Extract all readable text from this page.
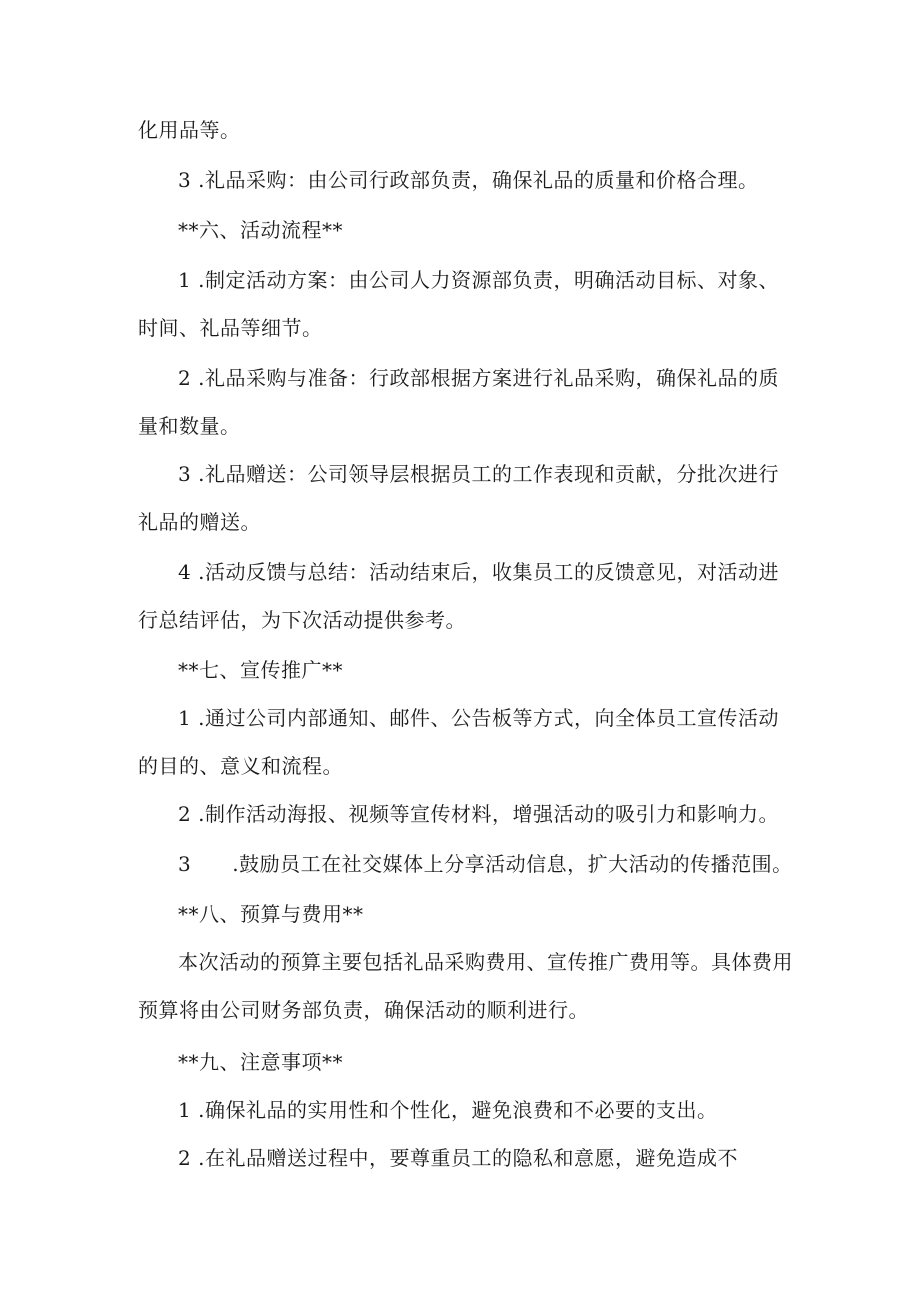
化用品等。
3 .礼品采购：由公司行政部负责，确保礼品的质量和价格合理。
**六、活动流程**
1 .制定活动方案：由公司人力资源部负责，明确活动目标、对象、
时间、礼品等细节。
2 .礼品采购与准备：行政部根据方案进行礼品采购，确保礼品的质
量和数量。
3 .礼品赠送：公司领导层根据员工的工作表现和贡献，分批次进行
礼品的赠送。
4 .活动反馈与总结：活动结束后，收集员工的反馈意见，对活动进
行总结评估，为下次活动提供参考。
**七、宣传推广**
1 .通过公司内部通知、邮件、公告板等方式，向全体员工宣传活动
的目的、意义和流程。
2 .制作活动海报、视频等宣传材料，增强活动的吸引力和影响力。
3　　.鼓励员工在社交媒体上分享活动信息，扩大活动的传播范围。
**八、预算与费用**
本次活动的预算主要包括礼品采购费用、宣传推广费用等。具体费用
预算将由公司财务部负责，确保活动的顺利进行。
**九、注意事项**
1 .确保礼品的实用性和个性化，避免浪费和不必要的支出。
2 .在礼品赠送过程中，要尊重员工的隐私和意愿，避免造成不
